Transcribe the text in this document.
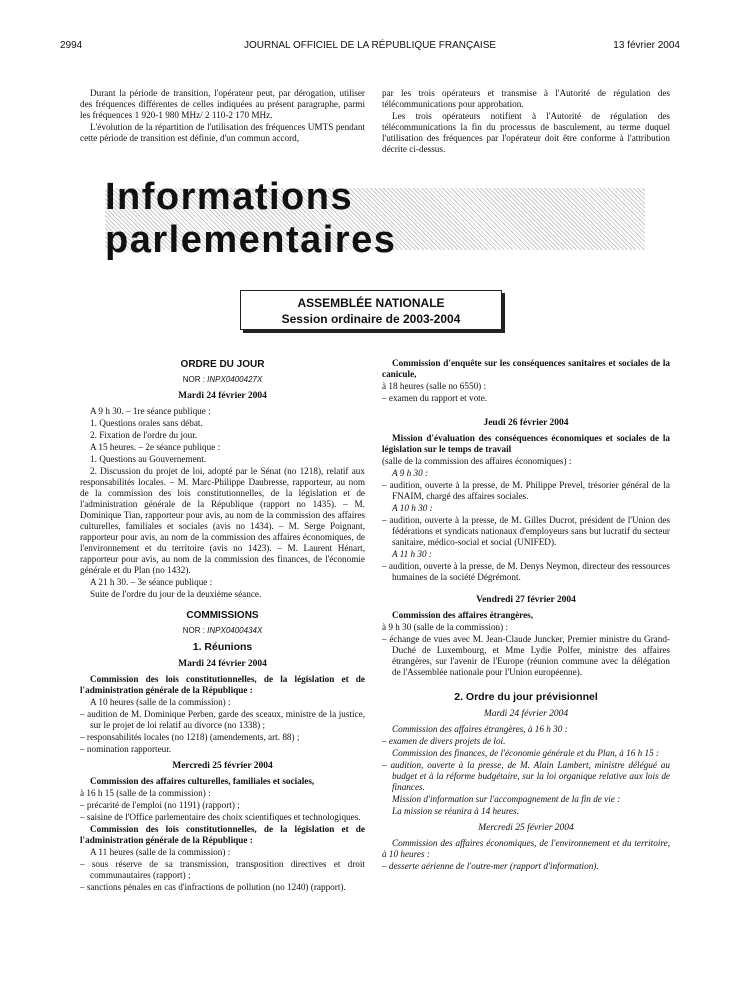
2994	JOURNAL OFFICIEL DE LA RÉPUBLIQUE FRANÇAISE	13 février 2004

Durant la période de transition, l'opérateur peut, par dérogation, utiliser des fréquences différentes de celles indiquées au présent paragraphe, parmi les fréquences 1 920-1 980 MHz/ 2 110-2 170 MHz.

L'évolution de la répartition de l'utilisation des fréquences UMTS pendant cette période de transition est définie, d'un commun accord,

par les trois opérateurs et transmise à l'Autorité de régulation des télécommunications pour approbation.

Les trois opérateurs notifient à l'Autorité de régulation des télécommunications la fin du processus de basculement, au terme duquel l'utilisation des fréquences par l'opérateur doit être conforme à l'attribution décrite ci-dessus.

Informations parlementaires
ASSEMBLÉE NATIONALE
Session ordinaire de 2003-2004
ORDRE DU JOUR
NOR : INPX0400427X
Mardi 24 février 2004

A 9 h 30. – 1re séance publique :

1. Questions orales sans débat.

2. Fixation de l'ordre du jour.

A 15 heures. – 2e séance publique :

1. Questions au Gouvernement.

2. Discussion du projet de loi, adopté par le Sénat (no 1218), relatif aux responsabilités locales. – M. Marc-Philippe Daubresse, rapporteur, au nom de la commission des lois constitutionnelles, de la législation et de l'administration générale de la République (rapport no 1435). – M. Dominique Tian, rapporteur pour avis, au nom de la commission des affaires culturelles, familiales et sociales (avis no 1434). – M. Serge Poignant, rapporteur pour avis, au nom de la commission des affaires économiques, de l'environnement et du territoire (avis no 1423). – M. Laurent Hénart, rapporteur pour avis, au nom de la commission des finances, de l'économie générale et du Plan (no 1432).

A 21 h 30. – 3e séance publique :

Suite de l'ordre du jour de la deuxième séance.

COMMISSIONS
NOR : INPX0400434X
1. Réunions
Mardi 24 février 2004

Commission des lois constitutionnelles, de la législation et de l'administration générale de la République :

A 10 heures (salle de la commission) :

– audition de M. Dominique Perben, garde des sceaux, ministre de la justice, sur le projet de loi relatif au divorce (no 1338) ;

– responsabilités locales (no 1218) (amendements, art. 88) ;

– nomination rapporteur.

Mercredi 25 février 2004

Commission des affaires culturelles, familiales et sociales,

à 16 h 15 (salle de la commission) :

– précarité de l'emploi (no 1191) (rapport) ;

– saisine de l'Office parlementaire des choix scientifiques et technologiques.

Commission des lois constitutionnelles, de la législation et de l'administration générale de la République :

A 11 heures (salle de la commission) :

– sous réserve de sa transmission, transposition directives et droit communautaires (rapport) ;

– sanctions pénales en cas d'infractions de pollution (no 1240) (rapport).

Commission d'enquête sur les conséquences sanitaires et sociales de la canicule,

à 18 heures (salle no 6550) :

– examen du rapport et vote.

Jeudi 26 février 2004

Mission d'évaluation des conséquences économiques et sociales de la législation sur le temps de travail

(salle de la commission des affaires économiques) :

A 9 h 30 :

– audition, ouverte à la presse, de M. Philippe Prevel, trésorier général de la FNAIM, chargé des affaires sociales.

A 10 h 30 :

– audition, ouverte à la presse, de M. Gilles Ducrot, président de l'Union des fédérations et syndicats nationaux d'employeurs sans but lucratif du secteur sanitaire, médico-social et social (UNIFED).

A 11 h 30 :

– audition, ouverte à la presse, de M. Denys Neymon, directeur des ressources humaines de la société Dégrémont.

Vendredi 27 février 2004

Commission des affaires étrangères,

à 9 h 30 (salle de la commission) :

– échange de vues avec M. Jean-Claude Juncker, Premier ministre du Grand-Duché de Luxembourg, et Mme Lydie Polfer, ministre des affaires étrangères, sur l'avenir de l'Europe (réunion commune avec la délégation de l'Assemblée nationale pour l'Union européenne).

2. Ordre du jour prévisionnel
Mardi 24 février 2004

Commission des affaires étrangères, à 16 h 30 :

– examen de divers projets de loi.

Commission des finances, de l'économie générale et du Plan, à 16 h 15 :

– audition, ouverte à la presse, de M. Alain Lambert, ministre délégué au budget et à la réforme budgétaire, sur la loi organique relative aux lois de finances.

Mission d'information sur l'accompagnement de la fin de vie :

La mission se réunira à 14 heures.

Mercredi 25 février 2004

Commission des affaires économiques, de l'environnement et du territoire, à 10 heures :

– desserte aérienne de l'outre-mer (rapport d'information).
